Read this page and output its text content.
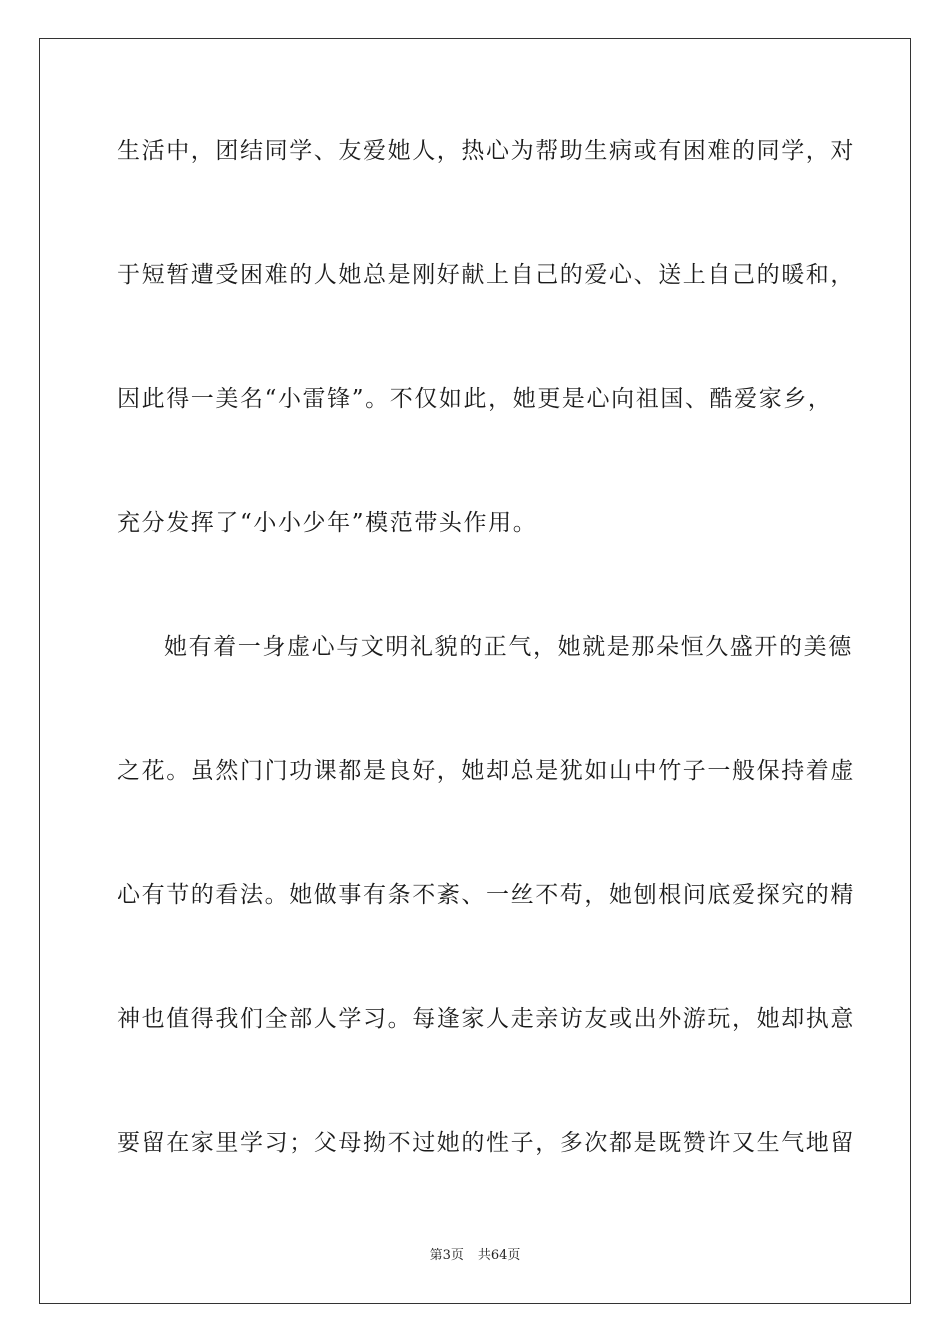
生活中，团结同学、友爱她人，热心为帮助生病或有困难的同学，对
于短暂遭受困难的人她总是刚好献上自己的爱心、送上自己的暖和，
因此得一美名“小雷锋”。不仅如此，她更是心向祖国、酷爱家乡，
充分发挥了“小小少年”模范带头作用。
她有着一身虚心与文明礼貌的正气，她就是那朵恒久盛开的美德
之花。虽然门门功课都是良好，她却总是犹如山中竹子一般保持着虚
心有节的看法。她做事有条不紊、一丝不苟，她刨根问底爱探究的精
神也值得我们全部人学习。每逢家人走亲访友或出外游玩，她却执意
要留在家里学习；父母拗不过她的性子，多次都是既赞许又生气地留
第3页 共64页
